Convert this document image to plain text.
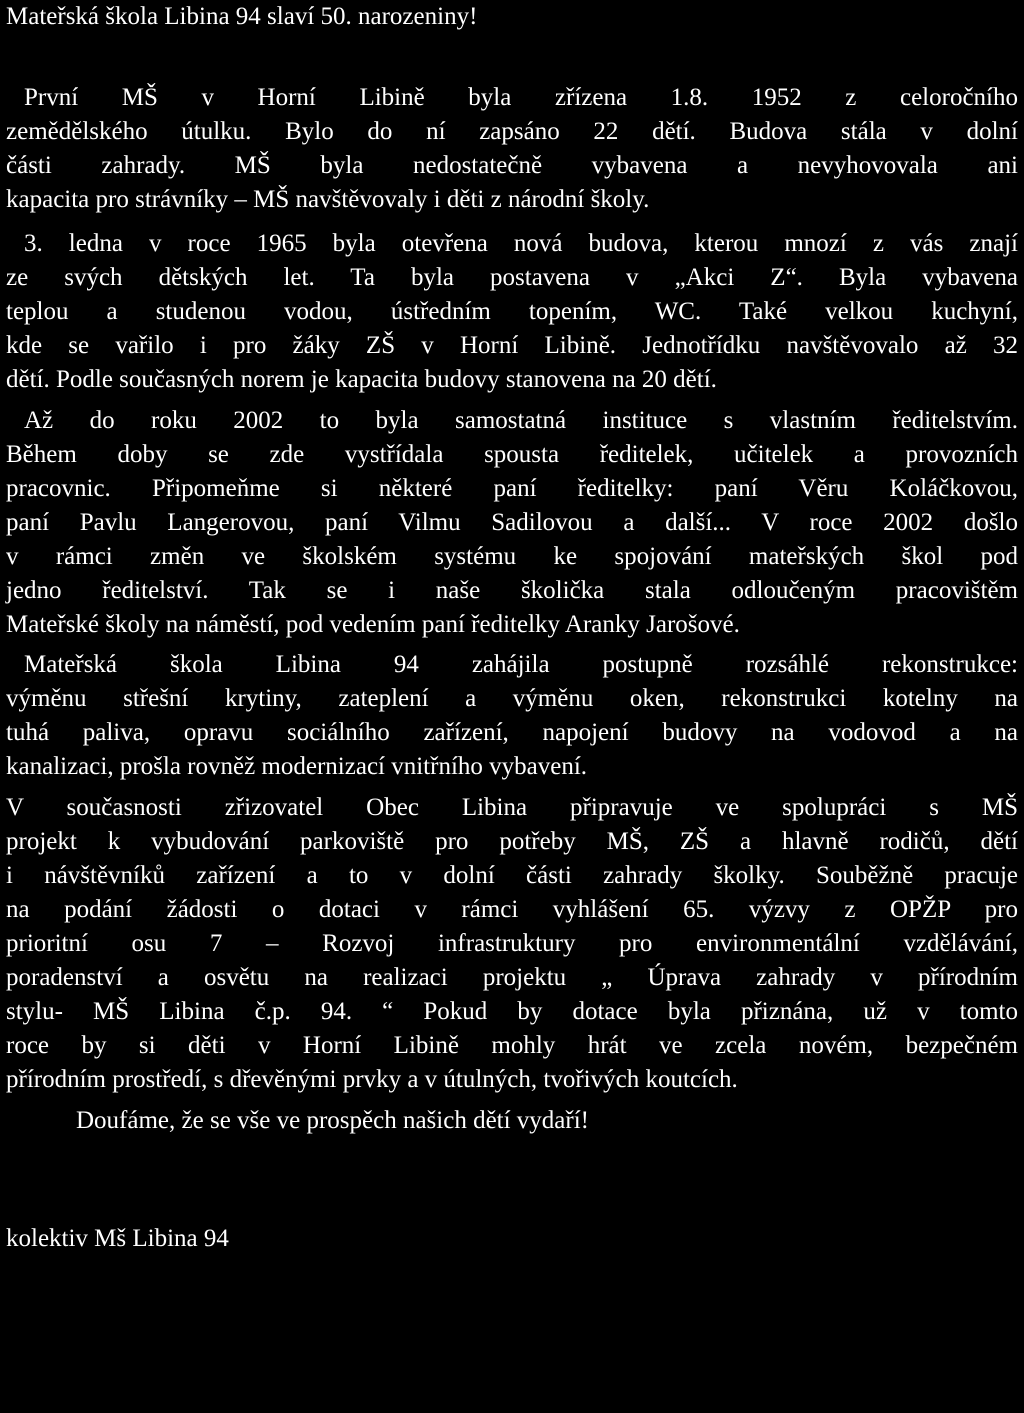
Mateřská škola Libina 94 slaví 50. narozeniny!
První MŠ v Horní Libině byla zřízena 1.8. 1952 z celoročního
zemědělského útulku. Bylo do ní zapsáno 22 dětí. Budova stála v dolní
části zahrady. MŠ byla nedostatečně vybavena a nevyhovovala ani
kapacita pro strávníky – MŠ navštěvovaly i děti z národní školy.
3. ledna v roce 1965 byla otevřena nová budova, kterou mnozí z vás znají
ze svých dětských let. Ta byla postavena v „Akci Z“. Byla vybavena
teplou a studenou vodou, ústředním topením, WC. Také velkou kuchyní,
kde se vařilo i pro žáky ZŠ v Horní Libině. Jednotřídku navštěvovalo až 32
dětí. Podle současných norem je kapacita budovy stanovena na 20 dětí.
Až do roku 2002 to byla samostatná instituce s vlastním ředitelstvím.
Během doby se zde vystřídala spousta ředitelek, učitelek a provozních
pracovnic. Připomeňme si některé paní ředitelky: paní Věru Koláčkovou,
paní Pavlu Langerovou, paní Vilmu Sadilovou a další... V roce 2002 došlo
v rámci změn ve školském systému ke spojování mateřských škol pod
jedno ředitelství. Tak se i naše školička stala odloučeným pracovištěm
Mateřské školy na náměstí, pod vedením paní ředitelky Aranky Jarošové.
Mateřská škola Libina 94 zahájila postupně rozsáhlé rekonstrukce:
výměnu střešní krytiny, zateplení a výměnu oken, rekonstrukci kotelny na
tuhá paliva, opravu sociálního zařízení, napojení budovy na vodovod a na
kanalizaci, prošla rovněž modernizací vnitřního vybavení.
V současnosti zřizovatel Obec Libina připravuje ve spolupráci s MŠ
projekt k vybudování parkoviště pro potřeby MŠ, ZŠ a hlavně rodičů, dětí
i návštěvníků zařízení a to v dolní části zahrady školky. Souběžně pracuje
na podání žádosti o dotaci v rámci vyhlášení 65. výzvy z OPŽP pro
prioritní osu 7 – Rozvoj infrastruktury pro environmentální vzdělávání,
poradenství a osvětu na realizaci projektu „ Úprava zahrady v přírodním
stylu- MŠ Libina č.p. 94. “ Pokud by dotace byla přiznána, už v tomto
roce by si děti v Horní Libině mohly hrát ve zcela novém, bezpečném
přírodním prostředí, s dřevěnými prvky a v útulných, tvořivých koutcích.
Doufáme, že se vše ve prospěch našich dětí vydaří!
kolektiv Mš Libina 94
